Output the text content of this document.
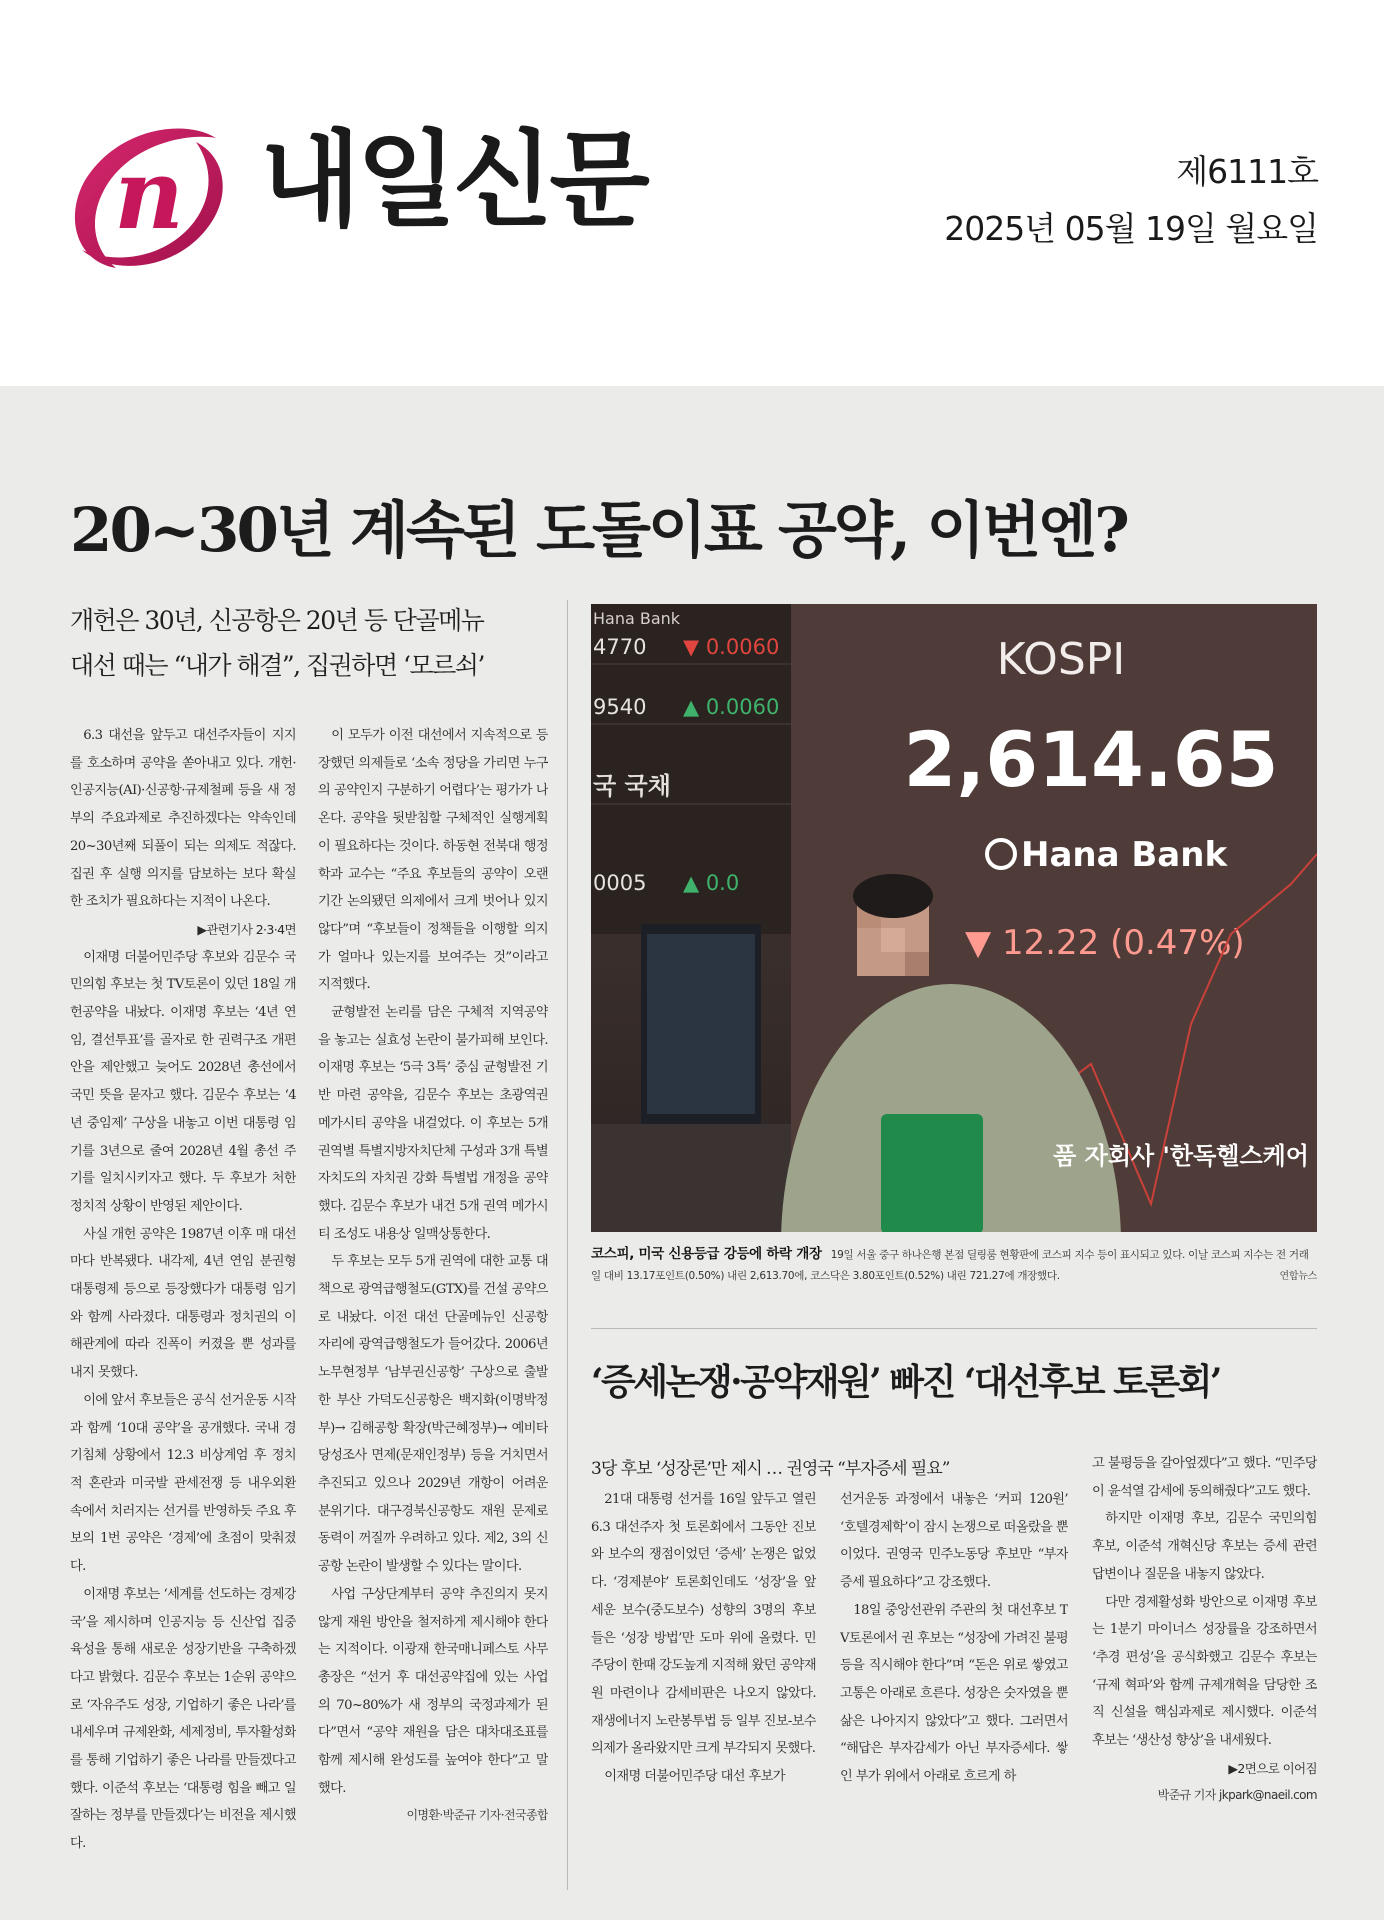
n 내일신문	제6111호
2025년 05월 19일 월요일
20~30년 계속된 도돌이표 공약, 이번엔?
개헌은 30년, 신공항은 20년 등 단골메뉴
대선 때는 “내가 해결”, 집권하면 ‘모르쇠’

6.3 대선을 앞두고 대선주자들이 지지를 호소하며 공약을 쏟아내고 있다. 개헌·인공지능(AI)·신공항·규제철폐 등을 새 정부의 주요과제로 추진하겠다는 약속인데 20~30년째 되풀이 되는 의제도 적잖다. 집권 후 실행 의지를 담보하는 보다 확실한 조치가 필요하다는 지적이 나온다.

▶관련기사 2·3·4면

이재명 더불어민주당 후보와 김문수 국민의힘 후보는 첫 TV토론이 있던 18일 개헌공약을 내놨다. 이재명 후보는 ‘4년 연임, 결선투표’를 골자로 한 권력구조 개편안을 제안했고 늦어도 2028년 총선에서 국민 뜻을 묻자고 했다. 김문수 후보는 ‘4년 중임제’ 구상을 내놓고 이번 대통령 임기를 3년으로 줄여 2028년 4월 총선 주기를 일치시키자고 했다. 두 후보가 처한 정치적 상황이 반영된 제안이다.

사실 개헌 공약은 1987년 이후 매 대선마다 반복됐다. 내각제, 4년 연임 분권형 대통령제 등으로 등장했다가 대통령 임기와 함께 사라졌다. 대통령과 정치권의 이해관계에 따라 진폭이 커졌을 뿐 성과를 내지 못했다.

이에 앞서 후보들은 공식 선거운동 시작과 함께 ‘10대 공약’을 공개했다. 국내 경기침체 상황에서 12.3 비상계엄 후 정치적 혼란과 미국발 관세전쟁 등 내우외환 속에서 치러지는 선거를 반영하듯 주요 후보의 1번 공약은 ‘경제’에 초점이 맞춰졌다.

이재명 후보는 ‘세계를 선도하는 경제강국’을 제시하며 인공지능 등 신산업 집중 육성을 통해 새로운 성장기반을 구축하겠다고 밝혔다. 김문수 후보는 1순위 공약으로 ‘자유주도 성장, 기업하기 좋은 나라’를 내세우며 규제완화, 세제정비, 투자활성화를 통해 기업하기 좋은 나라를 만들겠다고 했다. 이준석 후보는 ‘대통령 힘을 빼고 일 잘하는 정부를 만들겠다’는 비전을 제시했다.

이 모두가 이전 대선에서 지속적으로 등장했던 의제들로 ‘소속 정당을 가리면 누구의 공약인지 구분하기 어렵다’는 평가가 나온다. 공약을 뒷받침할 구체적인 실행계획이 필요하다는 것이다. 하동현 전북대 행정학과 교수는 “주요 후보들의 공약이 오랜 기간 논의됐던 의제에서 크게 벗어나 있지 않다”며 “후보들이 정책들을 이행할 의지가 얼마나 있는지를 보여주는 것”이라고 지적했다.

균형발전 논리를 담은 구체적 지역공약을 놓고는 실효성 논란이 불가피해 보인다. 이재명 후보는 ‘5극 3특’ 중심 균형발전 기반 마련 공약을, 김문수 후보는 초광역권 메가시티 공약을 내걸었다. 이 후보는 5개 권역별 특별지방자치단체 구성과 3개 특별자치도의 자치권 강화 특별법 개정을 공약했다. 김문수 후보가 내건 5개 권역 메가시티 조성도 내용상 일맥상통한다.

두 후보는 모두 5개 권역에 대한 교통 대책으로 광역급행철도(GTX)를 건설 공약으로 내놨다. 이전 대선 단골메뉴인 신공항 자리에 광역급행철도가 들어갔다. 2006년 노무현정부 ‘남부권신공항’ 구상으로 출발한 부산 가덕도신공항은 백지화(이명박정부)→ 김해공항 확장(박근혜정부)→ 예비타당성조사 면제(문재인정부) 등을 거치면서 추진되고 있으나 2029년 개항이 어려운 분위기다. 대구경북신공항도 재원 문제로 동력이 꺼질까 우려하고 있다. 제2, 3의 신공항 논란이 발생할 수 있다는 말이다.

사업 구상단계부터 공약 추진의지 못지 않게 재원 방안을 철저하게 제시해야 한다는 지적이다. 이광재 한국매니페스토 사무총장은 “선거 후 대선공약집에 있는 사업의 70~80%가 새 정부의 국정과제가 된다”면서 “공약 재원을 담은 대차대조표를 함께 제시해 완성도를 높여야 한다”고 말했다.

이명환·박준규 기자·전국종합

Hana Bank
4770 ▼ 0.0060
9540 ▲ 0.0060
국 국채
0005 ▲ 0.0
KOSPI
2,614.65
Hana Bank
▼ 12.22 (0.47%)
품 자회사 '한독헬스케어
코스피, 미국 신용등급 강등에 하락 개장 19일 서울 중구 하나은행 본점 딜링룸 현황판에 코스피 지수 등이 표시되고 있다. 이날 코스피 지수는 전 거래일 대비 13.17포인트(0.50%) 내린 2,613.70에, 코스닥은 3.80포인트(0.52%) 내린 721.27에 개장했다.	연합뉴스
‘증세논쟁·공약재원’ 빠진 ‘대선후보 토론회’
3당 후보 ‘성장론’만 제시 … 권영국 “부자증세 필요”

21대 대통령 선거를 16일 앞두고 열린 6.3 대선주자 첫 토론회에서 그동안 진보와 보수의 쟁점이었던 ‘증세’ 논쟁은 없었다. ‘경제분야’ 토론회인데도 ‘성장’을 앞세운 보수(중도보수) 성향의 3명의 후보들은 ‘성장 방법’만 도마 위에 올렸다. 민주당이 한때 강도높게 지적해 왔던 공약재원 마련이나 감세비판은 나오지 않았다. 재생에너지 노란봉투법 등 일부 진보-보수 의제가 올라왔지만 크게 부각되지 못했다.

이재명 더불어민주당 대선 후보가

선거운동 과정에서 내놓은 ‘커피 120원’ ‘호텔경제학’이 잠시 논쟁으로 떠올랐을 뿐이었다. 권영국 민주노동당 후보만 “부자증세 필요하다”고 강조했다.

18일 중앙선관위 주관의 첫 대선후보 TV토론에서 권 후보는 “성장에 가려진 불평등을 직시해야 한다”며 “돈은 위로 쌓였고 고통은 아래로 흐른다. 성장은 숫자였을 뿐 삶은 나아지지 않았다”고 했다. 그러면서 “해답은 부자감세가 아닌 부자증세다. 쌓인 부가 위에서 아래로 흐르게 하

고 불평등을 갈아엎겠다”고 했다. “민주당이 윤석열 감세에 동의해줬다”고도 했다.

하지만 이재명 후보, 김문수 국민의힘 후보, 이준석 개혁신당 후보는 증세 관련 답변이나 질문을 내놓지 않았다.

다만 경제활성화 방안으로 이재명 후보는 1분기 마이너스 성장률을 강조하면서 ‘추경 편성’을 공식화했고 김문수 후보는 ‘규제 혁파’와 함께 규제개혁을 담당한 조직 신설을 핵심과제로 제시했다. 이준석 후보는 ‘생산성 향상’을 내세웠다.

▶2면으로 이어짐

박준규 기자 jkpark@naeil.com
